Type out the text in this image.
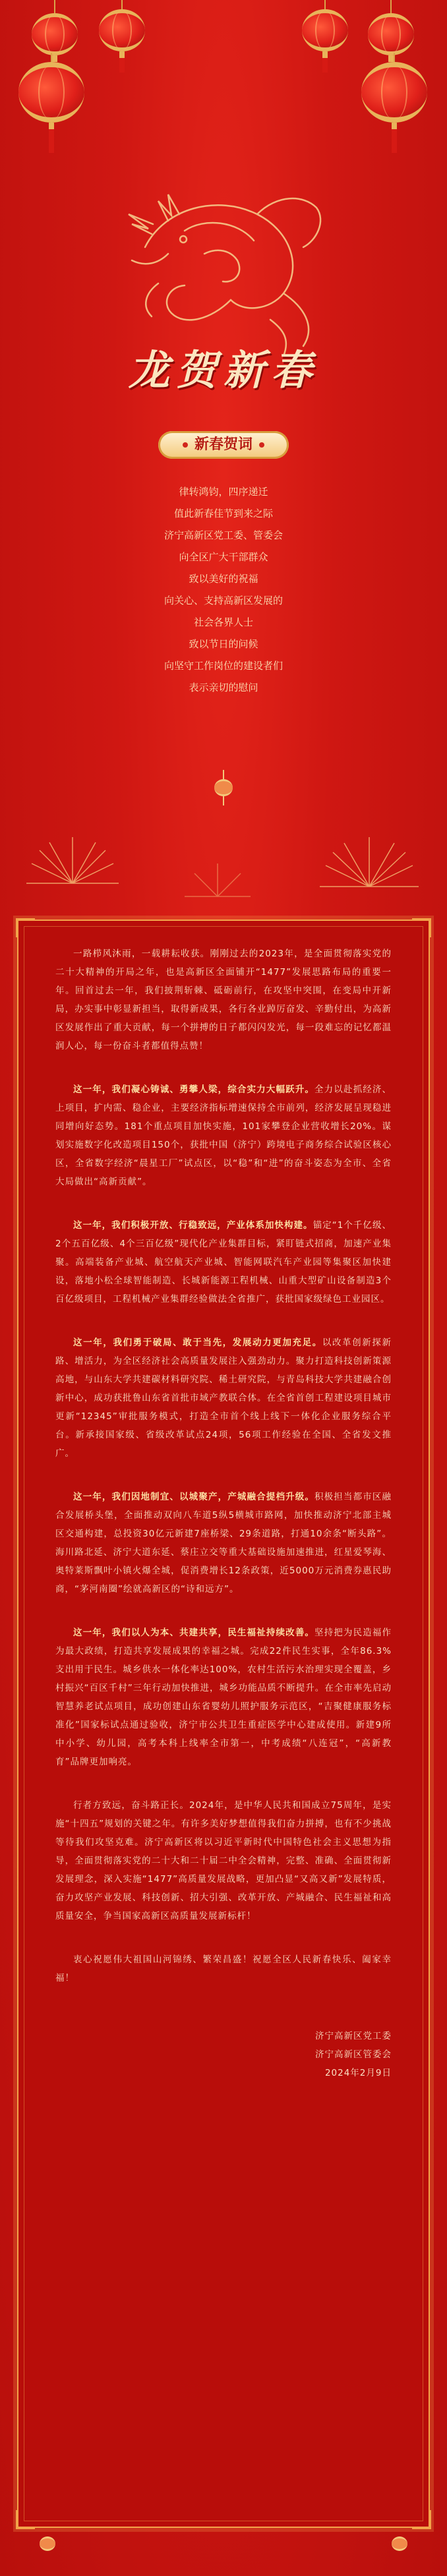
龙贺新春
新春贺词
律转鸿钧，四序递迁
值此新春佳节到来之际
济宁高新区党工委、管委会
向全区广大干部群众
致以美好的祝福
向关心、支持高新区发展的
社会各界人士
致以节日的问候
向坚守工作岗位的建设者们
表示亲切的慰问

一路栉风沐雨，一载耕耘收获。刚刚过去的2023年，是全面贯彻落实党的二十大精神的开局之年，也是高新区全面铺开“1477”发展思路布局的重要一年。回首过去一年，我们披荆斩棘、砥砺前行，在攻坚中突围，在变局中开新局，办实事中彰显新担当，取得新成果，各行各业踔厉奋发、辛勤付出，为高新区发展作出了重大贡献，每一个拼搏的日子都闪闪发光，每一段难忘的记忆都温润人心，每一份奋斗者都值得点赞！

这一年，我们凝心铸诚、勇攀人梁，综合实力大幅跃升。全力以赴抓经济、上项目，扩内需、稳企业，主要经济指标增速保持全市前列，经济发展呈现稳进同增向好态势。181个重点项目加快实施，101家攀登企业营收增长20%。谋划实施数字化改造项目150个，获批中国（济宁）跨境电子商务综合试验区核心区，全省数字经济“晨星工厂”试点区，以“稳”和“进”的奋斗姿态为全市、全省大局做出“高新贡献”。

这一年，我们积极开放、行稳致远，产业体系加快构建。锚定“1个千亿级、2个五百亿级、4个三百亿级”现代化产业集群目标，紧盯链式招商，加速产业集聚。高端装备产业城、航空航天产业城、智能网联汽车产业园等集聚区加快建设，落地小松全球智能制造、长城新能源工程机械、山重大型矿山设备制造3个百亿级项目，工程机械产业集群经验做法全省推广，获批国家级绿色工业园区。

这一年，我们勇于破局、敢于当先，发展动力更加充足。以改革创新探新路、增活力，为全区经济社会高质量发展注入强劲动力。聚力打造科技创新策源高地，与山东大学共建碳材料研究院、稀土研究院，与青岛科技大学共建融合创新中心，成功获批鲁山东省首批市域产教联合体。在全省首创工程建设项目城市更新“12345”审批服务模式，打造全市首个线上线下一体化企业服务综合平台。新承接国家级、省级改革试点24项，56项工作经验在全国、全省发文推广。

这一年，我们因地制宜、以城聚产，产城融合提档升级。积极担当都市区融合发展桥头堡，全面推动双向八车道5纵5横城市路网，加快推动济宁北部主城区交通构建，总投资30亿元新建7座桥梁、29条道路，打通10余条“断头路”。海川路北延、济宁大道东延、蔡庄立交等重大基础设施加速推进，红星爱琴海、奥特莱斯飘叶小镇火爆全城，促消费增长12条政策，近5000万元消费券惠民助商，“茅河南圈”绘就高新区的“诗和远方”。

这一年，我们以人为本、共建共享，民生福祉持续改善。坚持把为民造福作为最大政绩，打造共享发展成果的幸福之城。完成22件民生实事，全年86.3%支出用于民生。城乡供水一体化率达100%，农村生活污水治理实现全覆盖，乡村振兴“百区千村”三年行动加快推进，城乡功能品质不断提升。在全市率先启动智慧养老试点项目，成功创建山东省婴幼儿照护服务示范区，“吉聚健康服务标准化”国家标试点通过验收，济宁市公共卫生重症医学中心建成使用。新建9所中小学、幼儿园，高考本科上线率全市第一，中考成绩“八连冠”，“高新教育”品牌更加响亮。

行者方致远，奋斗路正长。2024年，是中华人民共和国成立75周年，是实施“十四五”规划的关键之年。有许多美好梦想值得我们奋力拼搏，也有不少挑战等待我们攻坚克难。济宁高新区将以习近平新时代中国特色社会主义思想为指导，全面贯彻落实党的二十大和二十届二中全会精神，完整、准确、全面贯彻新发展理念，深入实施“1477”高质量发展战略，更加凸显“又高又新”发展特质，奋力攻坚产业发展、科技创新、招大引强、改革开放、产城融合、民生福祉和高质量安全，争当国家高新区高质量发展新标杆！

衷心祝愿伟大祖国山河锦绣、繁荣昌盛！祝愿全区人民新春快乐、阖家幸福！

济宁高新区党工委
济宁高新区管委会
2024年2月9日
